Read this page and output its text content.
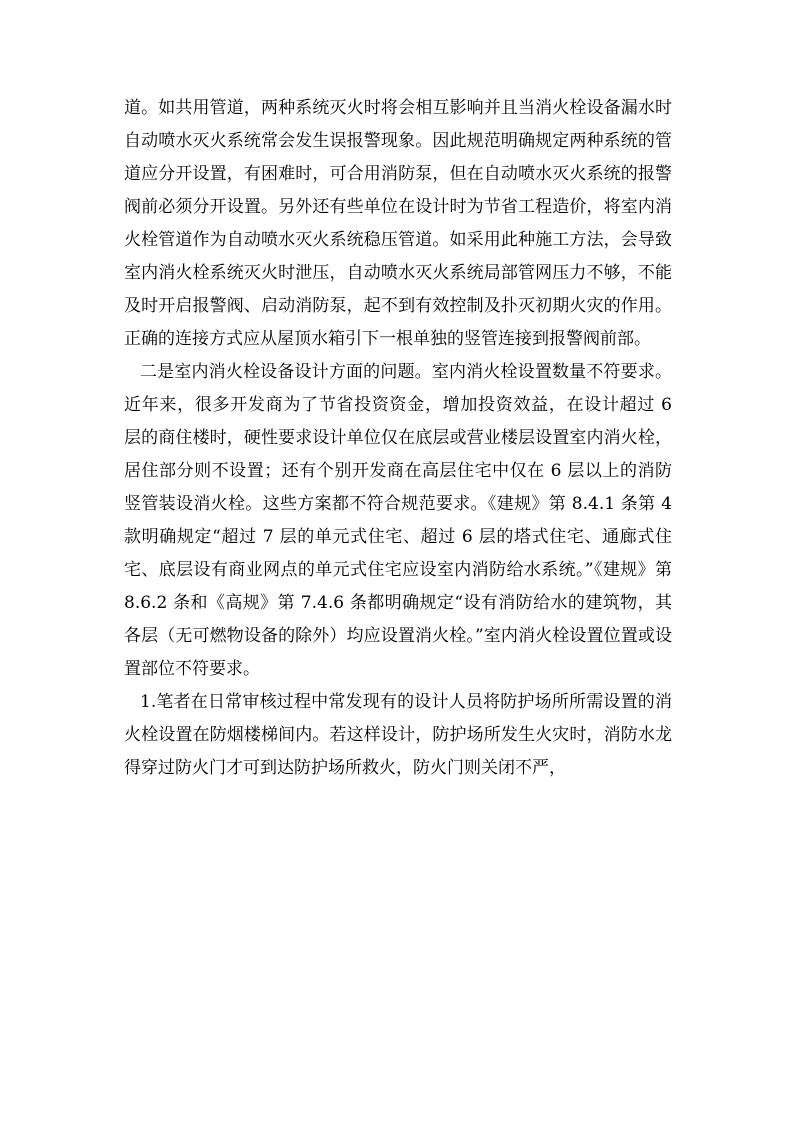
道。如共用管道，两种系统灭火时将会相互影响并且当消火栓设备漏水时自动喷水灭火系统常会发生误报警现象。因此规范明确规定两种系统的管道应分开设置，有困难时，可合用消防泵，但在自动喷水灭火系统的报警阀前必须分开设置。另外还有些单位在设计时为节省工程造价，将室内消火栓管道作为自动喷水灭火系统稳压管道。如采用此种施工方法，会导致室内消火栓系统灭火时泄压，自动喷水灭火系统局部管网压力不够，不能及时开启报警阀、启动消防泵，起不到有效控制及扑灭初期火灾的作用。正确的连接方式应从屋顶水箱引下一根单独的竖管连接到报警阀前部。

二是室内消火栓设备设计方面的问题。室内消火栓设置数量不符要求。近年来，很多开发商为了节省投资资金，增加投资效益，在设计超过 6 层的商住楼时，硬性要求设计单位仅在底层或营业楼层设置室内消火栓，居住部分则不设置；还有个别开发商在高层住宅中仅在 6 层以上的消防竖管装设消火栓。这些方案都不符合规范要求。《建规》第 8.4.1 条第 4 款明确规定“超过 7 层的单元式住宅、超过 6 层的塔式住宅、通廊式住宅、底层设有商业网点的单元式住宅应设室内消防给水系统。”《建规》第 8.6.2 条和《高规》第 7.4.6 条都明确规定“设有消防给水的建筑物，其各层（无可燃物设备的除外）均应设置消火栓。”室内消火栓设置位置或设置部位不符要求。

1.笔者在日常审核过程中常发现有的设计人员将防护场所所需设置的消火栓设置在防烟楼梯间内。若这样设计，防护场所发生火灾时，消防水龙得穿过防火门才可到达防护场所救火，防火门则关闭不严，
